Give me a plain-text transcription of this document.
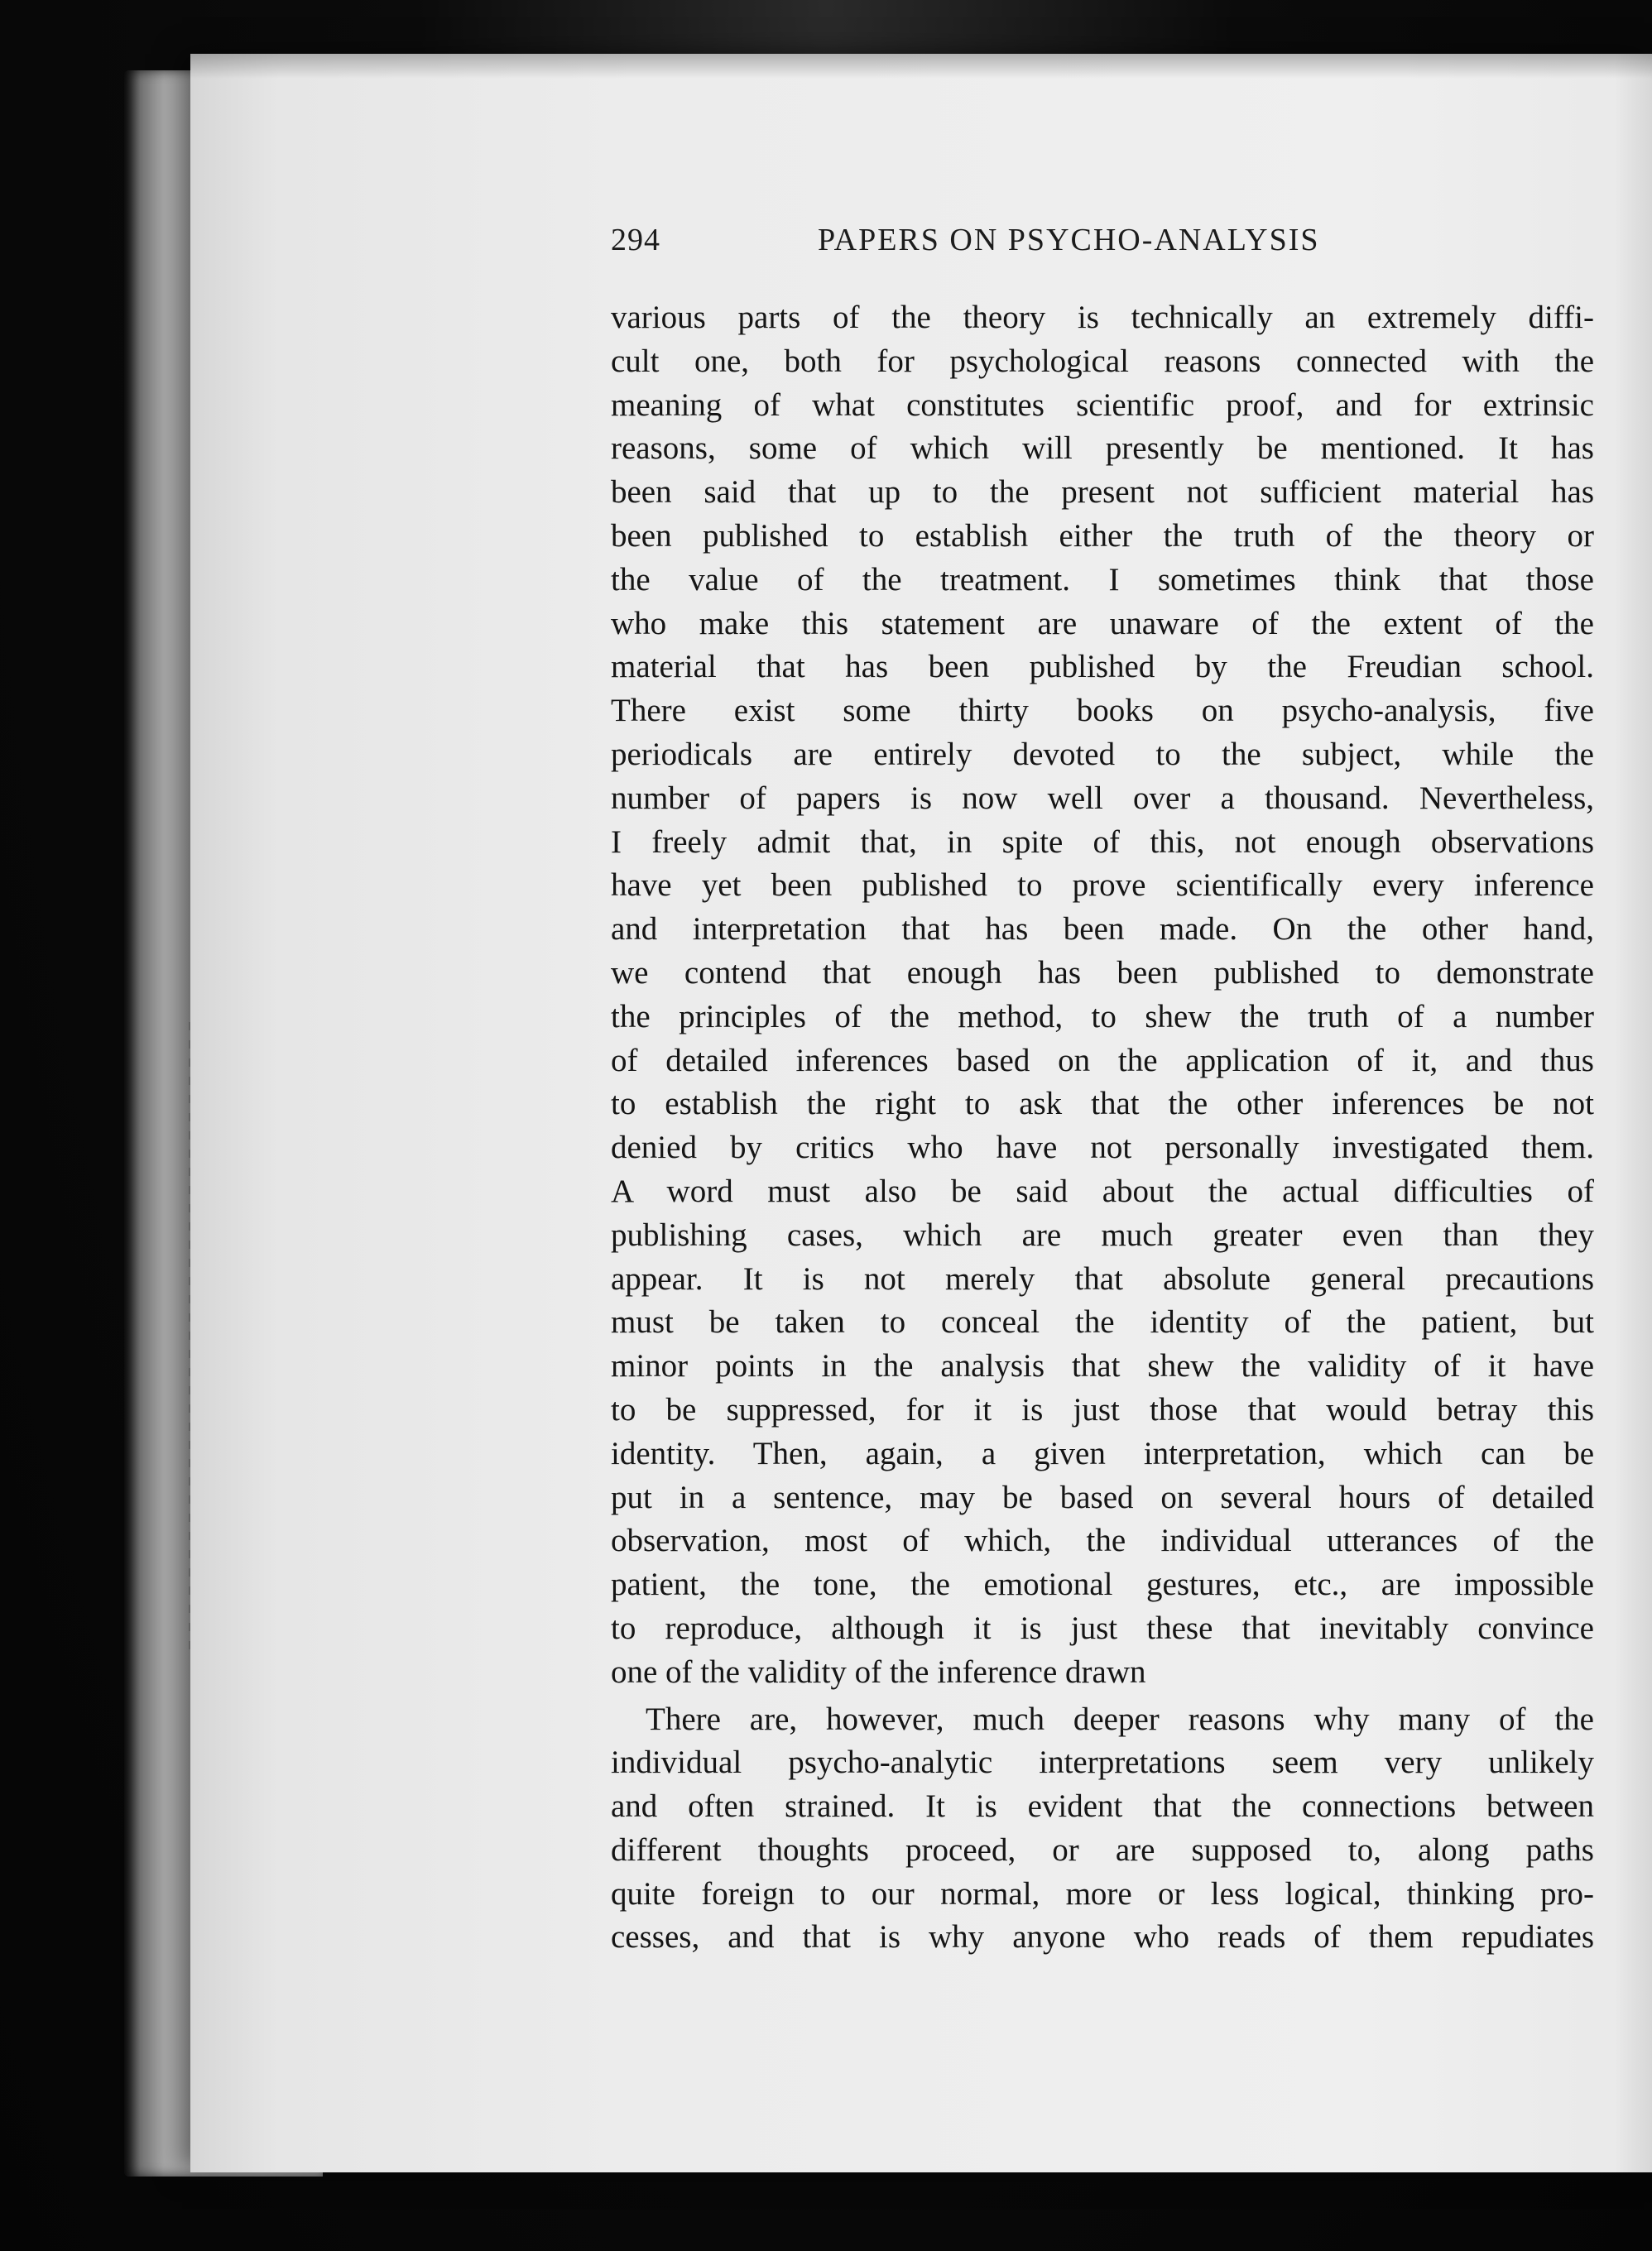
294	PAPERS ON PSYCHO-ANALYSIS
various parts of the theory is technically an extremely diffi-
cult one, both for psychological reasons connected with the
meaning of what constitutes scientific proof, and for extrinsic
reasons, some of which will presently be mentioned. It has
been said that up to the present not sufficient material has
been published to establish either the truth of the theory or
the value of the treatment. I sometimes think that those
who make this statement are unaware of the extent of the
material that has been published by the Freudian school.
There exist some thirty books on psycho-analysis, five
periodicals are entirely devoted to the subject, while the
number of papers is now well over a thousand. Nevertheless,
I freely admit that, in spite of this, not enough observations
have yet been published to prove scientifically every inference
and interpretation that has been made. On the other hand,
we contend that enough has been published to demonstrate
the principles of the method, to shew the truth of a number
of detailed inferences based on the application of it, and thus
to establish the right to ask that the other inferences be not
denied by critics who have not personally investigated them.
A word must also be said about the actual difficulties of
publishing cases, which are much greater even than they
appear. It is not merely that absolute general precautions
must be taken to conceal the identity of the patient, but
minor points in the analysis that shew the validity of it have
to be suppressed, for it is just those that would betray this
identity. Then, again, a given interpretation, which can be
put in a sentence, may be based on several hours of detailed
observation, most of which, the individual utterances of the
patient, the tone, the emotional gestures, etc., are impossible
to reproduce, although it is just these that inevitably convince
one of the validity of the inference drawn
There are, however, much deeper reasons why many of the
individual psycho-analytic interpretations seem very unlikely
and often strained. It is evident that the connections between
different thoughts proceed, or are supposed to, along paths
quite foreign to our normal, more or less logical, thinking pro-
cesses, and that is why anyone who reads of them repudiates
